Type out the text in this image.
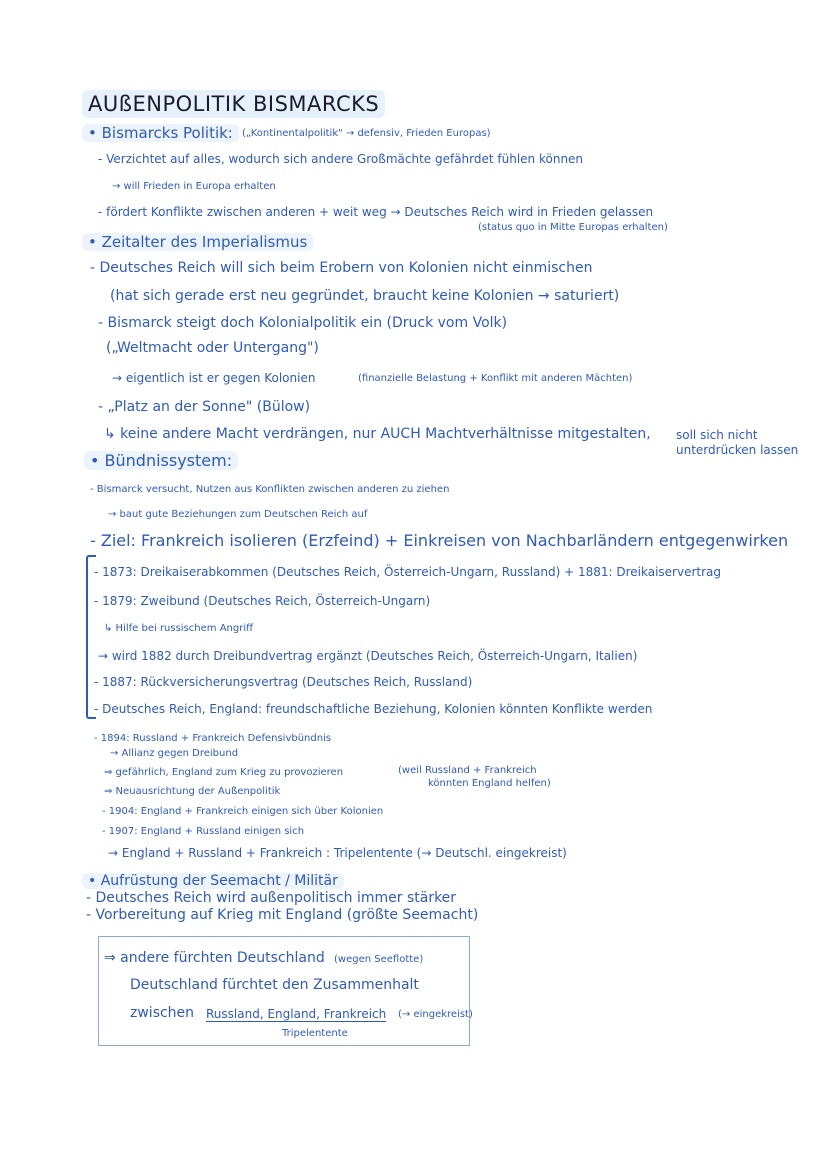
AUßENPOLITIK BISMARCKS
• Bismarcks Politik: („Kontinentalpolitik" → defensiv, Frieden Europas)
- Verzichtet auf alles, wodurch sich andere Großmächte gefährdet fühlen können
→ will Frieden in Europa erhalten
- fördert Konflikte zwischen anderen + weit weg → Deutsches Reich wird in Frieden gelassen
(status quo in Mitte Europas erhalten)
• Zeitalter des Imperialismus
- Deutsches Reich will sich beim Erobern von Kolonien nicht einmischen
(hat sich gerade erst neu gegründet, braucht keine Kolonien → saturiert)
- Bismarck steigt doch Kolonialpolitik ein (Druck vom Volk)
(„Weltmacht oder Untergang")
→ eigentlich ist er gegen Kolonien	(finanzielle Belastung + Konflikt mit anderen Mächten)
- „Platz an der Sonne" (Bülow)
↳ keine andere Macht verdrängen, nur AUCH Machtverhältnisse mitgestalten, soll sich nicht
unterdrücken lassen
• Bündnissystem:
- Bismarck versucht, Nutzen aus Konflikten zwischen anderen zu ziehen
→ baut gute Beziehungen zum Deutschen Reich auf
- Ziel: Frankreich isolieren (Erzfeind) + Einkreisen von Nachbarländern entgegenwirken
- 1873: Dreikaiserabkommen (Deutsches Reich, Österreich-Ungarn, Russland) + 1881: Dreikaiservertrag
- 1879: Zweibund (Deutsches Reich, Österreich-Ungarn)
↳ Hilfe bei russischem Angriff
→ wird 1882 durch Dreibundvertrag ergänzt (Deutsches Reich, Österreich-Ungarn, Italien)
- 1887: Rückversicherungsvertrag (Deutsches Reich, Russland)
- Deutsches Reich, England: freundschaftliche Beziehung, Kolonien könnten Konflikte werden
- 1894: Russland + Frankreich Defensivbündnis
→ Allianz gegen Dreibund
⇒ gefährlich, England zum Krieg zu provozieren	(weil Russland + Frankreich
könnten England helfen)
⇒ Neuausrichtung der Außenpolitik
- 1904: England + Frankreich einigen sich über Kolonien
- 1907: England + Russland einigen sich
→ England + Russland + Frankreich : Tripelentente (→ Deutschl. eingekreist)
• Aufrüstung der Seemacht / Militär
- Deutsches Reich wird außenpolitisch immer stärker
- Vorbereitung auf Krieg mit England (größte Seemacht)
⇒ andere fürchten Deutschland (wegen Seeflotte)
Deutschland fürchtet den Zusammenhalt
zwischen Russland, England, Frankreich (→ eingekreist)
Tripelentente
